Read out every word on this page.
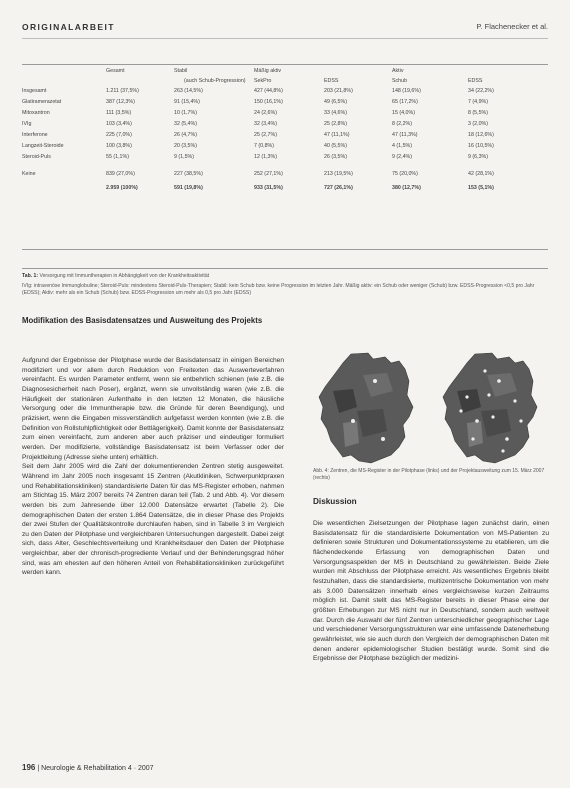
ORIGINALARBEIT	P. Flachenecker et al.
	Gesamt	Stabil	Mäßig aktiv		Aktiv	
		(auch Schub-Progression)	SekPro	EDSS	Schub	EDSS
Insgesamt	1.211 (37,5%)	263 (14,5%)	427 (44,8%)	203 (21,8%)	148 (19,6%)	34 (22,2%)
Glatiramerazetat	387 (12,3%)	91 (15,4%)	150 (16,1%)	49 (6,5%)	65 (17,2%)	7 (4,9%)
Mitoxantron	111 (3,5%)	10 (1,7%)	24 (2,6%)	33 (4,6%)	15 (4,0%)	8 (5,5%)
IVIg	103 (3,4%)	32 (5,4%)	32 (3,4%)	25 (2,8%)	8 (2,2%)	3 (2,0%)
Interferone	225 (7,0%)	26 (4,7%)	25 (2,7%)	47 (11,1%)	47 (11,3%)	18 (12,6%)
Langzeit-Steroide	100 (3,8%)	20 (3,5%)	7 (0,8%)	40 (5,5%)	4 (1,5%)	16 (10,5%)
Steroid-Puls	55 (1,1%)	9 (1,5%)	12 (1,3%)	26 (3,5%)	9 (2,4%)	9 (6,3%)

Keine	839 (27,0%)	227 (38,5%)	252 (27,1%)	213 (19,5%)	75 (20,0%)	42 (28,1%)

	2.959 (100%)	591 (19,8%)	933 (31,5%)	727 (26,1%)	380 (12,7%)	153 (5,1%)
Tab. 1: Versorgung mit Immuntherapien in Abhängigkeit von der Krankheitsaktivität
IVIg: intravenöse Immunglobuline; Steroid-Puls: mindestens Steroid-Puls-Therapien; Stabil: kein Schub bzw. keine Progression im letzten Jahr. Mäßig aktiv: ein Schub oder weniger (Schub) bzw. EDSS-Progression <0,5 pro Jahr (EDSS); Aktiv: mehr als ein Schub (Schub) bzw. EDSS-Progression um mehr als 0,5 pro Jahr (EDSS)
Modifikation des Basisdatensatzes und Ausweitung des Projekts

Aufgrund der Ergebnisse der Pilotphase wurde der Basisdatensatz in einigen Bereichen modifiziert und vor allem durch Reduktion von Freitexten das Auswerteverfahren vereinfacht. Es wurden Parameter entfernt, wenn sie entbehrlich schienen (wie z.B. die Diagnosesicherheit nach Poser), ergänzt, wenn sie unvollständig waren (wie z.B. die Häufigkeit der stationären Aufenthalte in den letzten 12 Monaten, die häusliche Versorgung oder die Immuntherapie bzw. die Gründe für deren Beendigung), und präzisiert, wenn die Eingaben missverständlich aufgefasst werden konnten (wie z.B. die Definition von Rollstuhlpflichtigkeit oder Bettlägerigkeit). Damit konnte der Basisdatensatz zum einen vereinfacht, zum anderen aber auch präziser und eindeutiger formuliert werden. Der modifizierte, vollständige Basisdatensatz ist beim Verfasser oder der Projektleitung (Adresse siehe unten) erhältlich.

Seit dem Jahr 2005 wird die Zahl der dokumentierenden Zentren stetig ausgeweitet. Während im Jahr 2005 noch insgesamt 15 Zentren (Akutkliniken, Schwerpunktpraxen und Rehabilitationskliniken) standardisierte Daten für das MS-Register erhoben, nahmen am Stichtag 15. März 2007 bereits 74 Zentren daran teil (Tab. 2 und Abb. 4). Vor diesem werden bis zum Jahresende über 12.000 Datensätze erwartet (Tabelle 2). Die demographischen Daten der ersten 1.864 Datensätze, die in dieser Phase des Projekts der zwei Stufen der Qualitätskontrolle durchlaufen haben, sind in Tabelle 3 im Vergleich zu den Daten der Pilotphase und vergleichbaren Untersuchungen dargestellt. Dabei zeigt sich, dass Alter, Geschlechtsverteilung und Krankheitsdauer den Daten der Pilotphase vergleichbar, aber der chronisch-progrediente Verlauf und der Behinderungsgrad höher sind, was am ehesten auf den höheren Anteil von Rehabilitationskliniken zurückgeführt werden kann.

Abb. 4: Zentren, die MS-Register in der Pilotphase (links) und der Projektausweitung zum 15. März 2007 (rechts)
Diskussion

Die wesentlichen Zielsetzungen der Pilotphase lagen zunächst darin, einen Basisdatensatz für die standardisierte Dokumentation von MS-Patienten zu definieren sowie Strukturen und Dokumentationssysteme zu etablieren, um die flächendeckende Erfassung von demographischen Daten und Versorgungsaspekten der MS in Deutschland zu gewährleisten. Beide Ziele wurden mit Abschluss der Pilotphase erreicht. Als wesentliches Ergebnis bleibt festzuhalten, dass die standardisierte, multizentrische Dokumentation von mehr als 3.000 Datensätzen innerhalb eines vergleichsweise kurzen Zeitraums möglich ist. Damit stellt das MS-Register bereits in dieser Phase eine der größten Erhebungen zur MS nicht nur in Deutschland, sondern auch weltweit dar. Durch die Auswahl der fünf Zentren unterschiedlicher geographischer Lage und verschiedener Versorgungsstrukturen war eine umfassende Datenerhebung gewährleistet, wie sie auch durch den Vergleich der demographischen Daten mit denen anderer epidemiologischer Studien bestätigt wurde. Somit sind die Ergebnisse der Pilotphase bezüglich der medizini-

196 | Neurologie & Rehabilitation 4 · 2007
